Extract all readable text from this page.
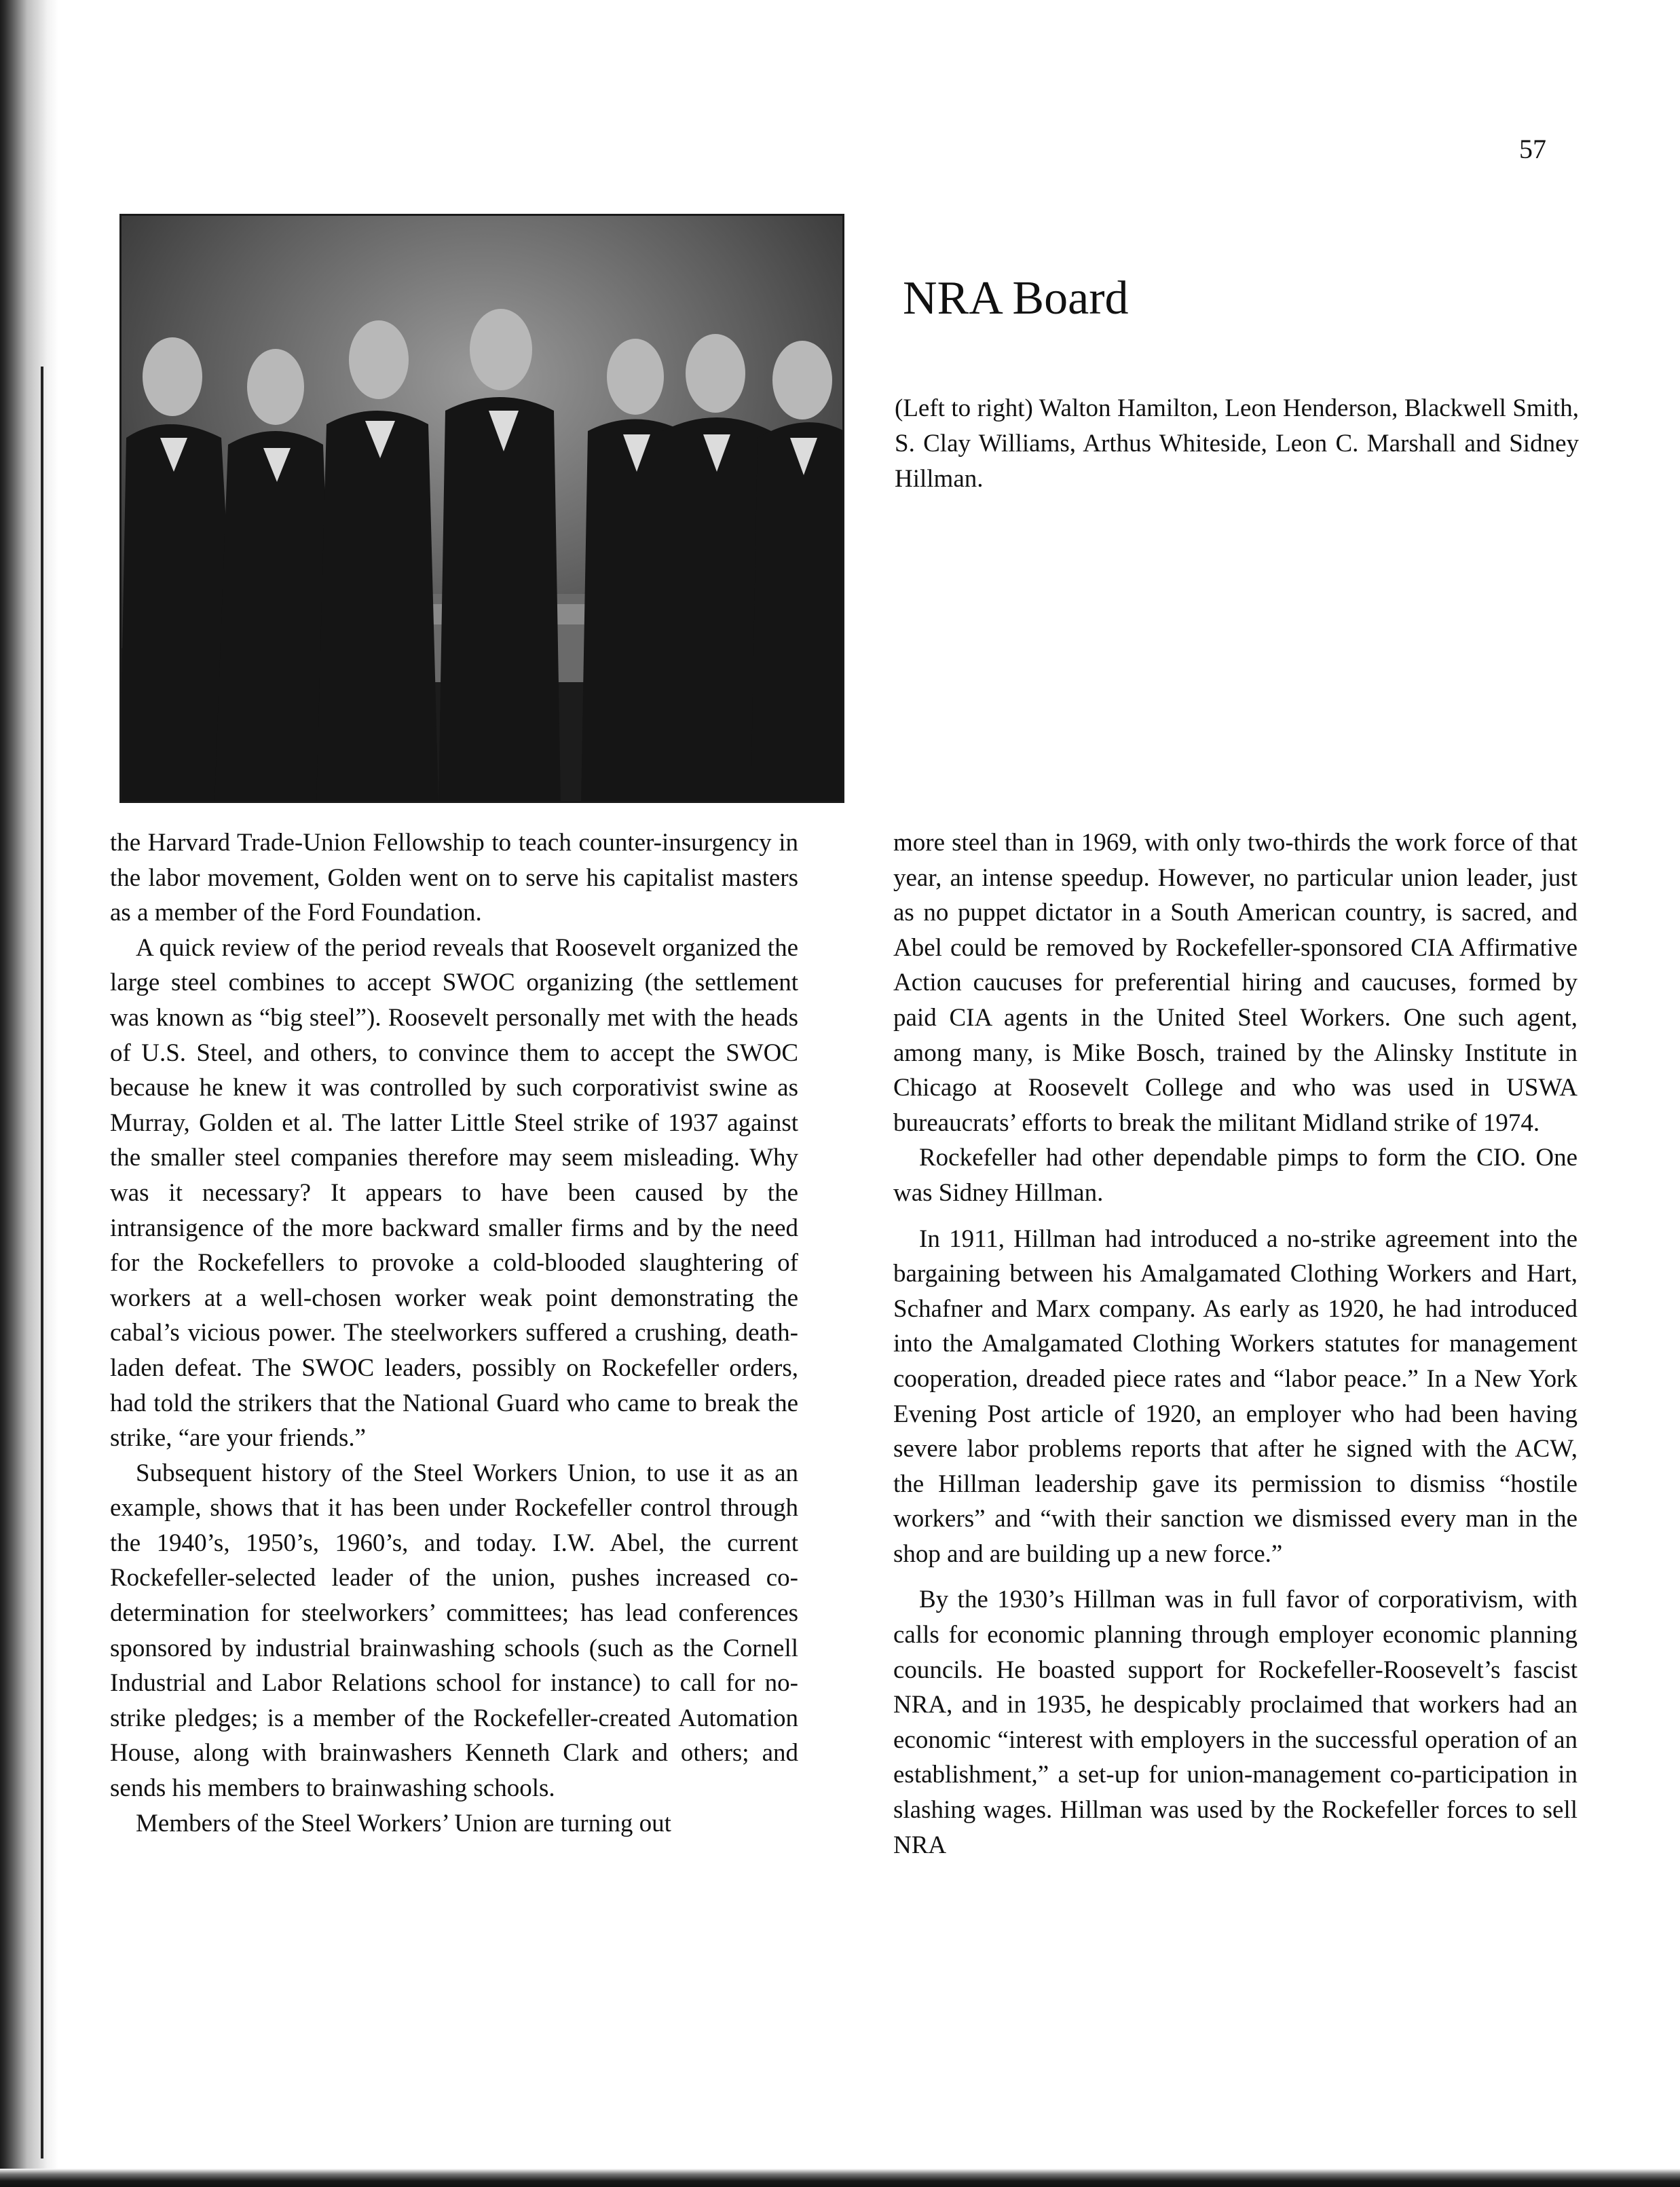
57
NRA Board
(Left to right) Walton Hamilton, Leon Henderson, Blackwell Smith, S. Clay Williams, Arthus Whiteside, Leon C. Marshall and Sidney Hillman.

the Harvard Trade-Union Fellowship to teach counter-insurgency in the labor movement, Golden went on to serve his capitalist masters as a member of the Ford Foundation.

A quick review of the period reveals that Roosevelt organized the large steel combines to accept SWOC organizing (the settlement was known as “big steel”). Roosevelt personally met with the heads of U.S. Steel, and others, to convince them to accept the SWOC because he knew it was controlled by such corporativist swine as Murray, Golden et al. The latter Little Steel strike of 1937 against the smaller steel companies therefore may seem misleading. Why was it necessary? It appears to have been caused by the intransigence of the more backward smaller firms and by the need for the Rockefellers to provoke a cold-blooded slaughtering of workers at a well-chosen worker weak point demonstrating the cabal’s vicious power. The steelworkers suffered a crushing, death-laden defeat. The SWOC leaders, possibly on Rockefeller orders, had told the strikers that the National Guard who came to break the strike, “are your friends.”

Subsequent history of the Steel Workers Union, to use it as an example, shows that it has been under Rockefeller control through the 1940’s, 1950’s, 1960’s, and today. I.W. Abel, the current Rockefeller-selected leader of the union, pushes increased co-determination for steelworkers’ committees; has lead conferences sponsored by industrial brainwashing schools (such as the Cornell Industrial and Labor Relations school for instance) to call for no-strike pledges; is a member of the Rockefeller-created Automation House, along with brainwashers Kenneth Clark and others; and sends his members to brainwashing schools.

Members of the Steel Workers’ Union are turning out

more steel than in 1969, with only two-thirds the work force of that year, an intense speedup. However, no particular union leader, just as no puppet dictator in a South American country, is sacred, and Abel could be removed by Rockefeller-sponsored CIA Affirmative Action caucuses for preferential hiring and caucuses, formed by paid CIA agents in the United Steel Workers. One such agent, among many, is Mike Bosch, trained by the Alinsky Institute in Chicago at Roosevelt College and who was used in USWA bureaucrats’ efforts to break the militant Midland strike of 1974.

Rockefeller had other dependable pimps to form the CIO. One was Sidney Hillman.

In 1911, Hillman had introduced a no-strike agreement into the bargaining between his Amalgamated Clothing Workers and Hart, Schafner and Marx company. As early as 1920, he had introduced into the Amalgamated Clothing Workers statutes for management cooperation, dreaded piece rates and “labor peace.” In a New York Evening Post article of 1920, an employer who had been having severe labor problems reports that after he signed with the ACW, the Hillman leadership gave its permission to dismiss “hostile workers” and “with their sanction we dismissed every man in the shop and are building up a new force.”

By the 1930’s Hillman was in full favor of corporativism, with calls for economic planning through employer economic planning councils. He boasted support for Rockefeller-Roosevelt’s fascist NRA, and in 1935, he despicably proclaimed that workers had an economic “interest with employers in the successful operation of an establishment,” a set-up for union-management co-participation in slashing wages. Hillman was used by the Rockefeller forces to sell NRA
